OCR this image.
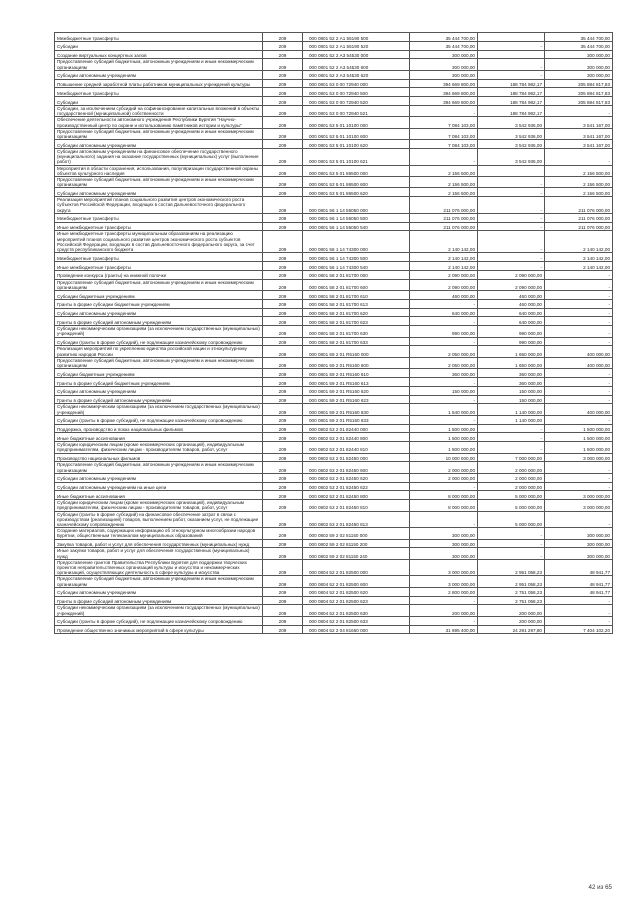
Межбюджетные трансферты	209	000 0801 52 2 А1 55190 500	35 444 700,00		35 444 700,00
Субсидии	209	000 0801 52 2 А1 55190 520	35 444 700,00	-	35 444 700,00
Создание виртуальных концертных залов	209	000 0801 52 2 А3 54530 000	300 000,00		300 000,00
Предоставление субсидий бюджетным, автономным учреждениям и иным некоммерческим организациям	209	000 0801 52 2 А3 54530 600	300 000,00	-	300 000,00
Субсидии автономным учреждениям	209	000 0801 52 2 А3 54530 620	300 000,00	-	300 000,00
Повышение средней заработной платы работников муниципальных учреждений культуры	209	000 0801 53 0 00 72940 000	394 669 800,00	188 784 982,17	205 884 817,83
Межбюджетные трансферты	209	000 0801 53 0 00 72940 500	394 669 800,00	188 784 982,17	205 884 817,83
Субсидии	209	000 0801 53 0 00 72940 520	394 669 800,00	188 784 982,17	205 884 817,83
Субсидии, за исключением субсидий на софинансирование капитальных вложений в объекты государственной (муниципальной) собственности	209	000 0801 53 0 00 72940 521	-	188 784 982,17	-
Обеспечение деятельности автономного учреждения Республики Бурятия "Научно-производственный центр по охране и использованию памятников истории и культуры"	209	000 0801 53 5 01 10100 000	7 084 103,00	3 542 936,00	3 541 167,00
Предоставление субсидий бюджетным, автономным учреждениям и иным некоммерческим организациям	209	000 0801 53 5 01 10100 600	7 084 103,00	3 542 936,00	3 541 167,00
Субсидии автономным учреждениям	209	000 0801 53 5 01 10100 620	7 084 103,00	3 542 936,00	3 541 167,00
Субсидии автономным учреждениям на финансовое обеспечение государственного (муниципального) задания на оказание государственных (муниципальных) услуг (выполнение работ)	209	000 0801 53 5 01 10100 621	-	3 542 936,00	-
Мероприятия в области сохранения, использования, популяризации государственной охраны объектов культурного наследия	209	000 0801 53 5 01 86500 000	2 156 500,00		2 156 500,00
Предоставление субсидий бюджетным, автономным учреждениям и иным некоммерческим организациям	209	000 0801 53 5 01 86500 600	2 156 500,00	-	2 156 500,00
Субсидии автономным учреждениям	209	000 0801 53 5 01 86500 620	2 156 500,00	-	2 156 500,00
Реализация мероприятий планов социального развития центров экономического роста субъектов Российской Федерации, входящих в состав Дальневосточного федерального округа	209	000 0801 56 1 14 55050 000	211 076 000,00	-	211 076 000,00
Межбюджетные трансферты	209	000 0801 56 1 14 55050 500	211 076 000,00	-	211 076 000,00
Иные межбюджетные трансферты	209	000 0801 56 1 14 55050 540	211 076 000,00	-	211 076 000,00
Иные межбюджетные трансферты муниципальным образованиям на реализацию мероприятий планов социального развития центров экономического роста субъектов Российской Федерации, входящих в состав Дальневосточного федерального округа, за счет средств республиканского бюджета	209	000 0801 56 1 14 74300 000	2 140 142,00	-	2 140 142,00
Межбюджетные трансферты	209	000 0801 56 1 14 74300 500	2 140 142,00	-	2 140 142,00
Иные межбюджетные трансферты	209	000 0801 56 1 14 74300 540	2 140 142,00	-	2 140 142,00
Проведение конкурса (гранты) на книжной полочке	209	000 0801 58 2 01 81700 000	2 090 000,00	2 090 000,00	-
Предоставление субсидий бюджетным, автономным учреждениям и иным некоммерческим организациям	209	000 0801 58 2 01 81700 600	2 090 000,00	2 090 000,00	-
Субсидии бюджетным учреждениям	209	000 0801 58 2 01 81700 610	460 000,00	460 000,00	-
Гранты в форме субсидии бюджетным учреждениям	209	000 0801 58 2 01 81700 613	-	460 000,00	-
Субсидии автономным учреждениям	209	000 0801 58 2 01 81700 620	640 000,00	640 000,00	-
Гранты в форме субсидий автономным учреждениям	209	000 0801 58 2 01 81700 623	-	640 000,00	-
Субсидии некоммерческим организациям (за исключением государственных (муниципальных) учреждений)	209	000 0801 58 2 01 81700 630	990 000,00	990 000,00	-
Субсидии (гранты в форме субсидий), не подлежащие казначейскому сопровождению	209	000 0801 58 2 01 81700 633	-	990 000,00	-
Реализация мероприятий по укреплению единства российской нации и этнокультурному развитию народов России	209	000 0801 59 2 01 R5160 000	2 050 000,00	1 650 000,00	400 000,00
Предоставление субсидий бюджетным, автономным учреждениям и иным некоммерческим организациям	209	000 0801 59 2 01 R5160 600	2 050 000,00	1 650 000,00	400 000,00
Субсидии бюджетным учреждениям	209	000 0801 59 2 01 R5160 610	360 000,00	360 000,00	-
Гранты в форме субсидий бюджетным учреждениям	209	000 0801 59 2 01 R5160 613	-	360 000,00	-
Субсидии автономным учреждениям	209	000 0801 59 2 01 R5160 620	150 000,00	150 000,00	-
Гранты в форме субсидий автономным учреждениям	209	000 0801 59 2 01 R5160 623	-	150 000,00	-
Субсидии некоммерческим организациям (за исключением государственных (муниципальных) учреждений)	209	000 0801 59 2 01 R5160 630	1 540 000,00	1 140 000,00	400 000,00
Субсидии (гранты в форме субсидий), не подлежащие казначейскому сопровождению	209	000 0801 59 2 01 R5160 633	-	1 140 000,00	-
Поддержка, производство и показ национальных фильмов	209	000 0802 53 2 01 82440 000	1 500 000,00	-	1 500 000,00
Иные бюджетные ассигнования	209	000 0802 53 2 01 82440 800	1 500 000,00	-	1 500 000,00
Субсидии юридическим лицам (кроме некоммерческих организаций), индивидуальным предпринимателям, физическим лицам - производителям товаров, работ, услуг	209	000 0802 53 2 01 82440 810	1 500 000,00	-	1 500 000,00
Производство национальных фильмов	209	000 0802 53 2 01 82450 000	10 000 000,00	7 000 000,00	3 000 000,00
Предоставление субсидий бюджетным, автономным учреждениям и иным некоммерческим организациям	209	000 0802 53 2 01 82450 600	2 000 000,00	2 000 000,00	-
Субсидии автономным учреждениям	209	000 0802 53 2 01 82450 620	2 000 000,00	2 000 000,00	-
Субсидии автономным учреждениям на иные цели	209	000 0802 53 2 01 82450 622	-	2 000 000,00	-
Иные бюджетные ассигнования	209	000 0802 53 2 01 82450 800	8 000 000,00	5 000 000,00	3 000 000,00
Субсидии юридическим лицам (кроме некоммерческих организаций), индивидуальным предпринимателям, физическим лицам - производителям товаров, работ, услуг	209	000 0802 53 2 01 82450 810	8 000 000,00	5 000 000,00	3 000 000,00
Субсидии (гранты в форме субсидий) на финансовое обеспечение затрат в связи с производством (реализацией) товаров, выполнением работ, оказанием услуг, не подлежащие казначейскому сопровождению	209	000 0802 53 2 01 82450 813	-	5 000 000,00	-
Создание материалов, содержащих информацию об этнокультурном многообразии народов Бурятии, общественным телеканалом муниципальных образований	209	000 0802 59 2 02 81150 000	300 000,00	-	300 000,00
Закупка товаров, работ и услуг для обеспечения государственных (муниципальных) нужд	209	000 0802 59 2 02 81150 200	300 000,00	-	300 000,00
Иные закупки товаров, работ и услуг для обеспечения государственных (муниципальных) нужд	209	000 0802 59 2 02 81150 240	300 000,00	-	300 000,00
Предоставление грантов Правительства Республики Бурятия для поддержки творческих проектов неправительственных организаций культуры и искусства и некоммерческих организаций, осуществляющих деятельность в сфере культуры и искусства	209	000 0804 52 2 01 82500 000	3 000 000,00	2 951 058,23	48 941,77
Предоставление субсидий бюджетным, автономным учреждениям и иным некоммерческим организациям	209	000 0804 52 2 01 82500 600	3 000 000,00	2 951 058,23	48 941,77
Субсидии автономным учреждениям	209	000 0804 52 2 01 82500 620	2 800 000,00	2 751 058,23	48 941,77
Гранты в форме субсидий автономным учреждениям	209	000 0804 52 2 01 82500 623	-	2 751 058,23	-
Субсидии некоммерческим организациям (за исключением государственных (муниципальных) учреждений)	209	000 0804 52 2 01 82500 630	200 000,00	200 000,00	-
Субсидии (гранты в форме субсидий), не подлежащие казначейскому сопровождению	209	000 0804 52 2 01 82500 633	-	200 000,00	-
Проведение общественно значимых мероприятий в сфере культуры	209	000 0804 52 2 04 81650 000	31 695 400,00	24 291 297,80	7 404 102,20
42 из 65
